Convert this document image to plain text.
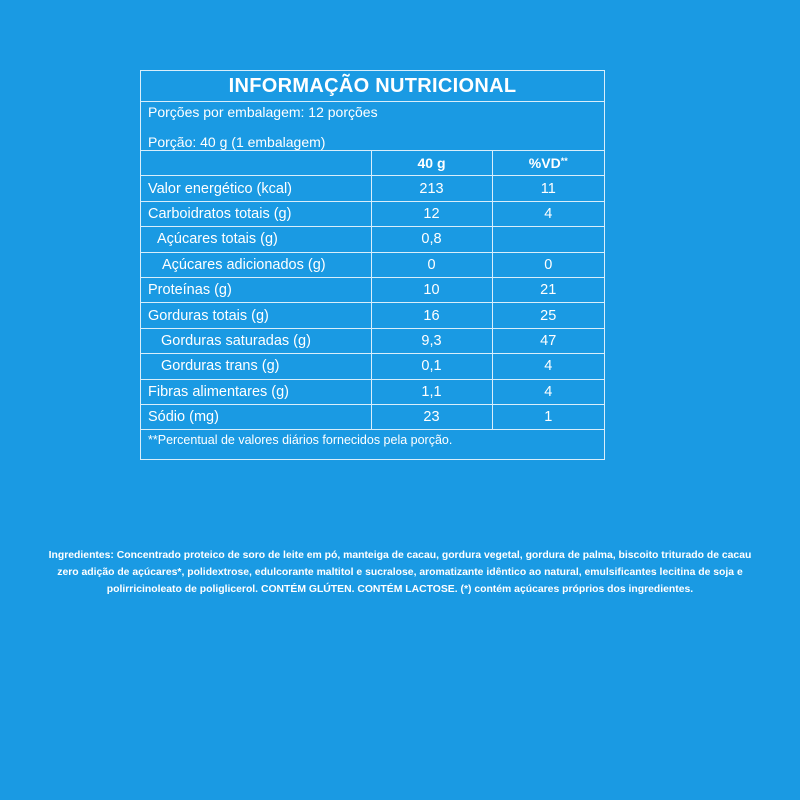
INFORMAÇÃO NUTRICIONAL
Porções por embalagem: 12 porções
Porção: 40 g (1 embalagem)
	40 g	%VD**
Valor energético (kcal)	213	11
Carboidratos totais (g)	12	4
Açúcares totais (g)	0,8	
Açúcares adicionados (g)	0	0
Proteínas (g)	10	21
Gorduras totais (g)	16	25
Gorduras saturadas (g)	9,3	47
Gorduras trans (g)	0,1	4
Fibras alimentares (g)	1,1	4
Sódio (mg)	23	1
**Percentual de valores diários fornecidos pela porção.
Ingredientes: Concentrado proteico de soro de leite em pó, manteiga de cacau, gordura vegetal, gordura de palma, biscoito triturado de cacau zero adição de açúcares*, polidextrose, edulcorante maltitol e sucralose, aromatizante idêntico ao natural, emulsificantes lecitina de soja e polirricinoleato de poliglicerol. CONTÉM GLÚTEN. CONTÉM LACTOSE. (*) contém açúcares próprios dos ingredientes.
